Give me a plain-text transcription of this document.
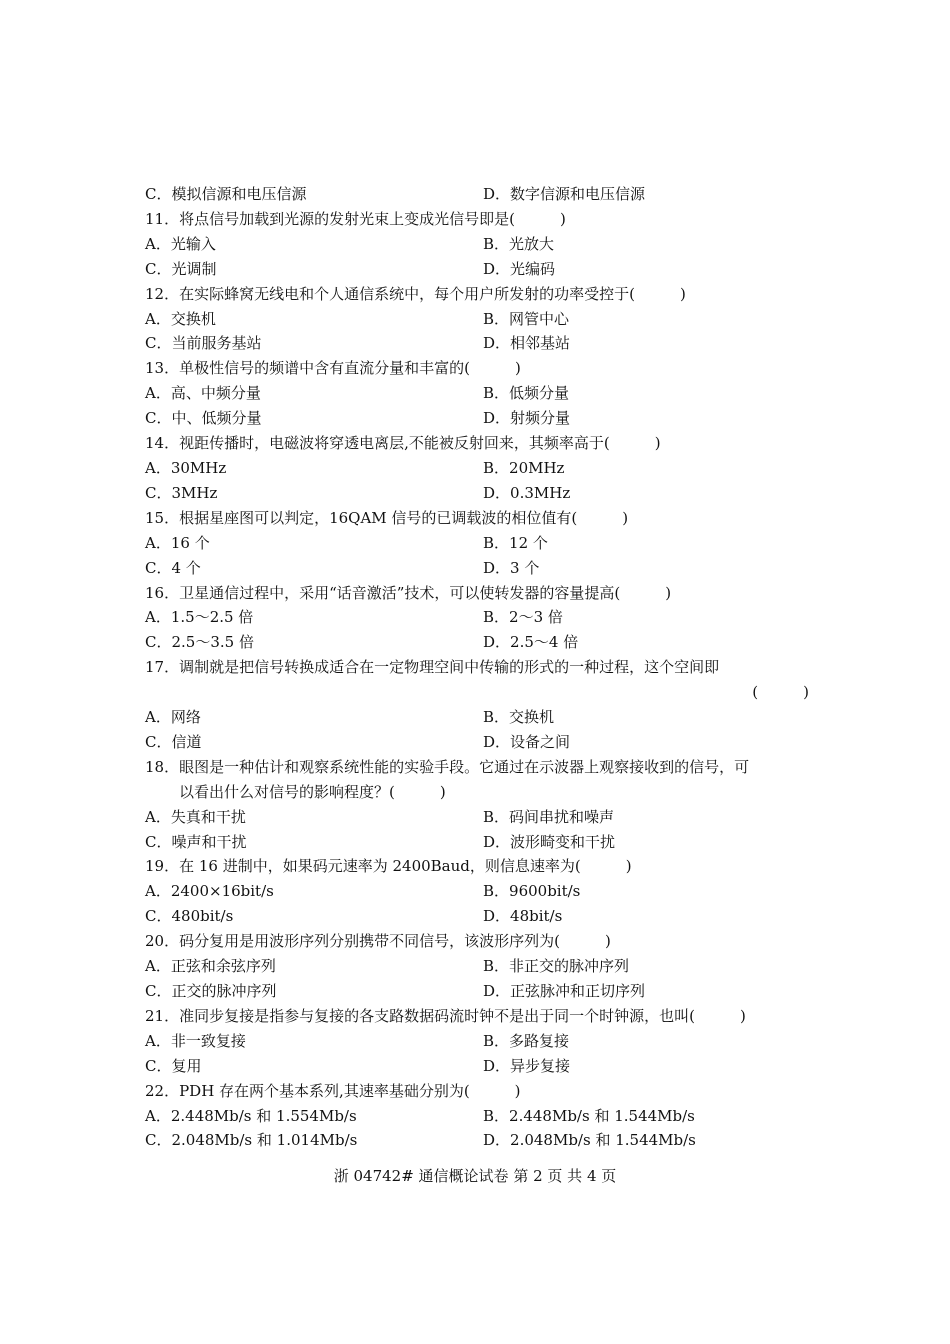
C．模拟信源和电压信源	D．数字信源和电压信源
11．将点信号加载到光源的发射光束上变成光信号即是(　　　)
A．光输入	B．光放大
C．光调制	D．光编码
12．在实际蜂窝无线电和个人通信系统中，每个用户所发射的功率受控于(　　　)
A．交换机	B．网管中心
C．当前服务基站	D．相邻基站
13．单极性信号的频谱中含有直流分量和丰富的(　　　)
A．高、中频分量	B．低频分量
C．中、低频分量	D．射频分量
14．视距传播时，电磁波将穿透电离层,不能被反射回来，其频率高于(　　　)
A．30MHz	B．20MHz
C．3MHz	D．0.3MHz
15．根据星座图可以判定，16QAM 信号的已调载波的相位值有(　　　)
A．16 个	B．12 个
C．4 个	D．3 个
16．卫星通信过程中，采用“话音激活”技术，可以使转发器的容量提高(　　　)
A．1.5～2.5 倍	B．2～3 倍
C．2.5～3.5 倍	D．2.5～4 倍
17．调制就是把信号转换成适合在一定物理空间中传输的形式的一种过程，这个空间即
(　　　)
A．网络	B．交换机
C．信道	D．设备之间
18．眼图是一种估计和观察系统性能的实验手段。它通过在示波器上观察接收到的信号，可
以看出什么对信号的影响程度？(　　　)
A．失真和干扰	B．码间串扰和噪声
C．噪声和干扰	D．波形畸变和干扰
19．在 16 进制中，如果码元速率为 2400Baud，则信息速率为(　　　)
A．2400×16bit/s	B．9600bit/s
C．480bit/s	D．48bit/s
20．码分复用是用波形序列分别携带不同信号，该波形序列为(　　　)
A．正弦和余弦序列	B．非正交的脉冲序列
C．正交的脉冲序列	D．正弦脉冲和正切序列
21．准同步复接是指参与复接的各支路数据码流时钟不是出于同一个时钟源，也叫(　　　)
A．非一致复接	B．多路复接
C．复用	D．异步复接
22．PDH 存在两个基本系列,其速率基础分别为(　　　)
A．2.448Mb/s 和 1.554Mb/s	B．2.448Mb/s 和 1.544Mb/s
C．2.048Mb/s 和 1.014Mb/s	D．2.048Mb/s 和 1.544Mb/s
浙 04742# 通信概论试卷 第 2 页 共 4 页
